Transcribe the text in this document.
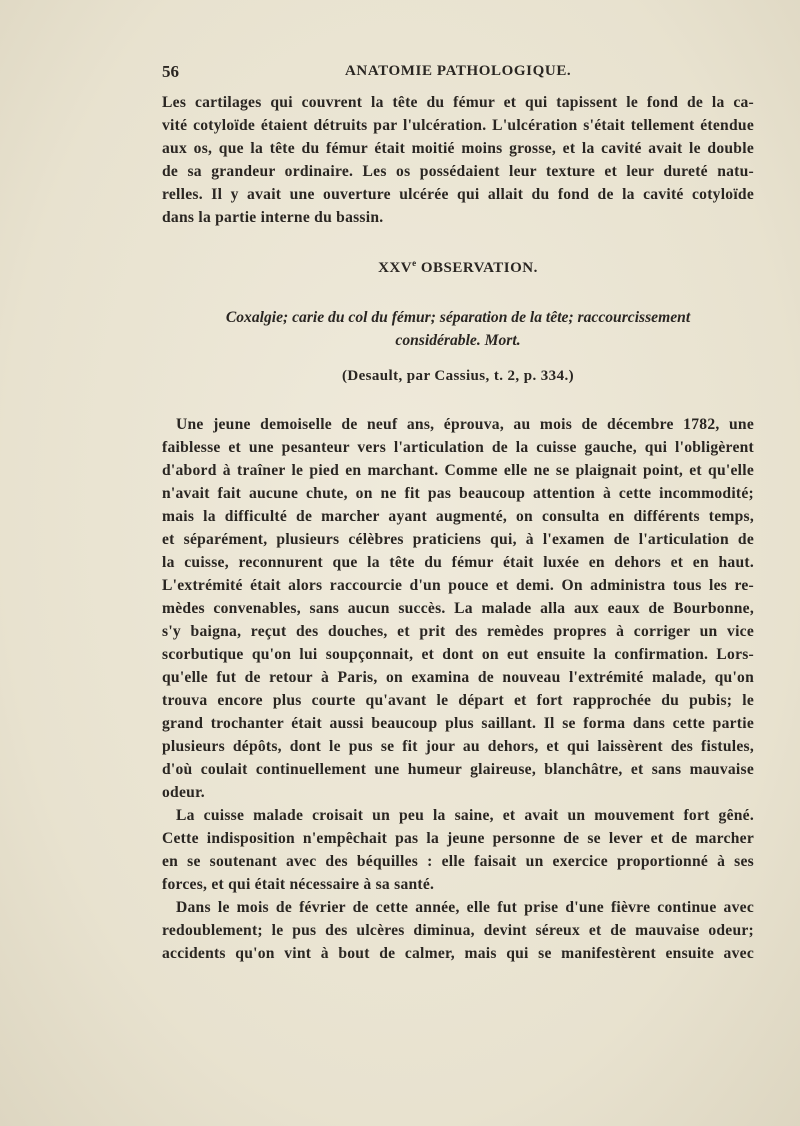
56	ANATOMIE PATHOLOGIQUE.
Les cartilages qui couvrent la tête du fémur et qui tapissent le fond de la ca-
vité cotyloïde étaient détruits par l'ulcération. L'ulcération s'était tellement étendue
aux os, que la tête du fémur était moitié moins grosse, et la cavité avait le double
de sa grandeur ordinaire. Les os possédaient leur texture et leur dureté natu-
relles. Il y avait une ouverture ulcérée qui allait du fond de la cavité cotyloïde
dans la partie interne du bassin.
XXVe OBSERVATION.
Coxalgie; carie du col du fémur; séparation de la tête; raccourcissement
considérable. Mort.
(Desault, par Cassius, t. 2, p. 334.)
Une jeune demoiselle de neuf ans, éprouva, au mois de décembre 1782, une
faiblesse et une pesanteur vers l'articulation de la cuisse gauche, qui l'obligèrent
d'abord à traîner le pied en marchant. Comme elle ne se plaignait point, et qu'elle
n'avait fait aucune chute, on ne fit pas beaucoup attention à cette incommodité;
mais la difficulté de marcher ayant augmenté, on consulta en différents temps,
et séparément, plusieurs célèbres praticiens qui, à l'examen de l'articulation de
la cuisse, reconnurent que la tête du fémur était luxée en dehors et en haut.
L'extrémité était alors raccourcie d'un pouce et demi. On administra tous les re-
mèdes convenables, sans aucun succès. La malade alla aux eaux de Bourbonne,
s'y baigna, reçut des douches, et prit des remèdes propres à corriger un vice
scorbutique qu'on lui soupçonnait, et dont on eut ensuite la confirmation. Lors-
qu'elle fut de retour à Paris, on examina de nouveau l'extrémité malade, qu'on
trouva encore plus courte qu'avant le départ et fort rapprochée du pubis; le
grand trochanter était aussi beaucoup plus saillant. Il se forma dans cette partie
plusieurs dépôts, dont le pus se fit jour au dehors, et qui laissèrent des fistules,
d'où coulait continuellement une humeur glaireuse, blanchâtre, et sans mauvaise
odeur.
La cuisse malade croisait un peu la saine, et avait un mouvement fort gêné.
Cette indisposition n'empêchait pas la jeune personne de se lever et de marcher
en se soutenant avec des béquilles : elle faisait un exercice proportionné à ses
forces, et qui était nécessaire à sa santé.
Dans le mois de février de cette année, elle fut prise d'une fièvre continue avec
redoublement; le pus des ulcères diminua, devint séreux et de mauvaise odeur;
accidents qu'on vint à bout de calmer, mais qui se manifestèrent ensuite avec
